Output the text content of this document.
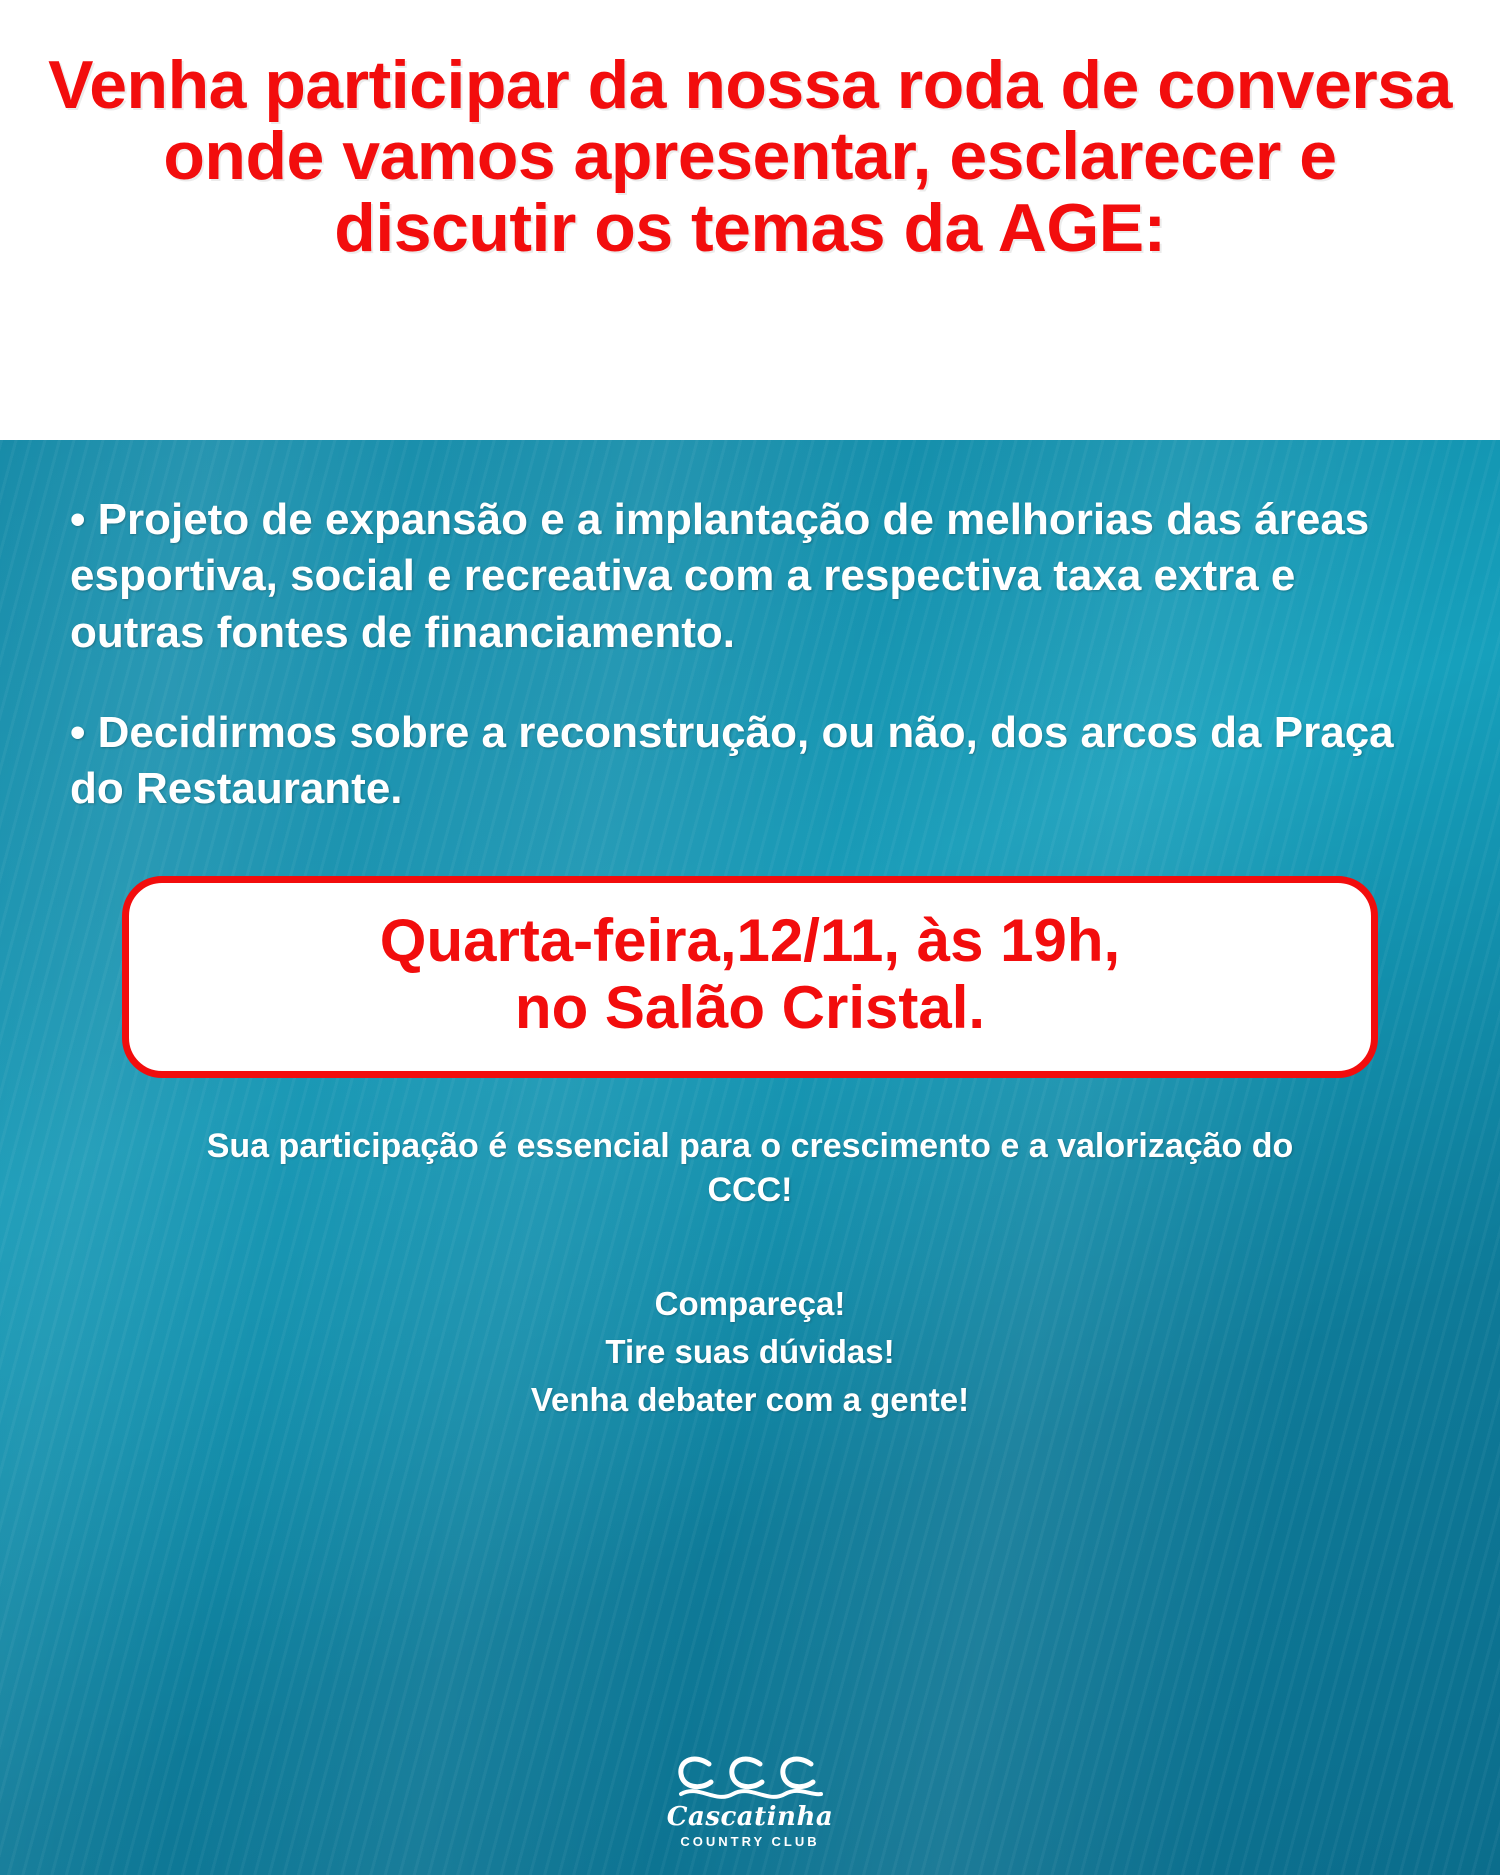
Venha participar da nossa roda de conversa onde vamos apresentar, esclarecer e discutir os temas da AGE:
• Projeto de expansão e a implantação de melhorias das áreas esportiva, social e recreativa com a respectiva taxa extra e outras fontes de financiamento.
• Decidirmos sobre a reconstrução, ou não, dos arcos da Praça do Restaurante.
Quarta-feira,12/11, às 19h,
no Salão Cristal.
Sua participação é essencial para o crescimento e a valorização do CCC!
Compareça!
Tire suas dúvidas!
Venha debater com a gente!
Cascatinha
COUNTRY CLUB
